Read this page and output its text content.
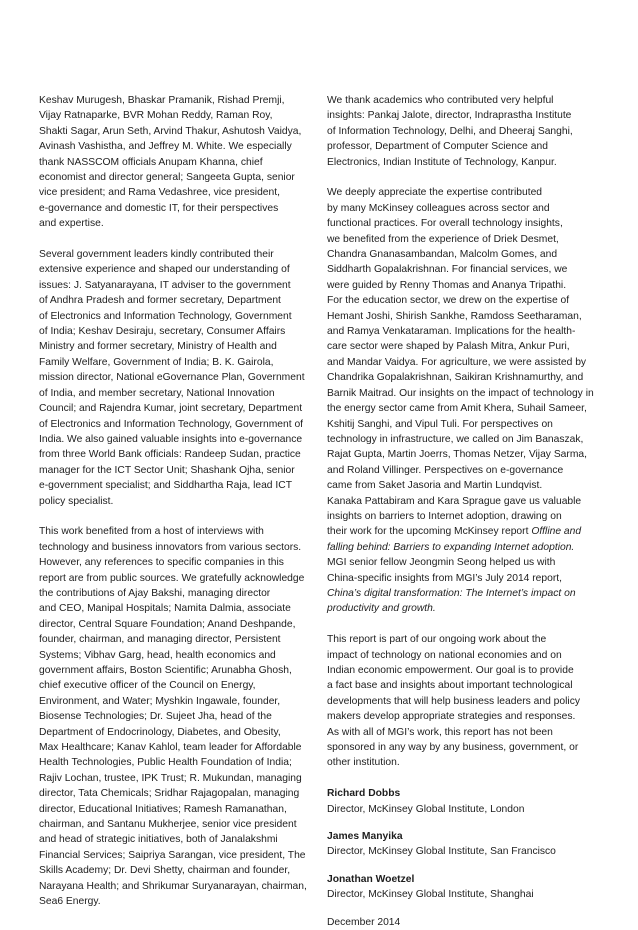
Keshav Murugesh, Bhaskar Pramanik, Rishad Premji,
Vijay Ratnaparke, BVR Mohan Reddy, Raman Roy,
Shakti Sagar, Arun Seth, Arvind Thakur, Ashutosh Vaidya,
Avinash Vashistha, and Jeffrey M. White. We especially
thank NASSCOM officials Anupam Khanna, chief
economist and director general; Sangeeta Gupta, senior
vice president; and Rama Vedashree, vice president,
e-governance and domestic IT, for their perspectives
and expertise.
Several government leaders kindly contributed their
extensive experience and shaped our understanding of
issues: J. Satyanarayana, IT adviser to the government
of Andhra Pradesh and former secretary, Department
of Electronics and Information Technology, Government
of India; Keshav Desiraju, secretary, Consumer Affairs
Ministry and former secretary, Ministry of Health and
Family Welfare, Government of India; B. K. Gairola,
mission director, National eGovernance Plan, Government
of India, and member secretary, National Innovation
Council; and Rajendra Kumar, joint secretary, Department
of Electronics and Information Technology, Government of
India. We also gained valuable insights into e-governance
from three World Bank officials: Randeep Sudan, practice
manager for the ICT Sector Unit; Shashank Ojha, senior
e-government specialist; and Siddhartha Raja, lead ICT
policy specialist.
This work benefited from a host of interviews with
technology and business innovators from various sectors.
However, any references to specific companies in this
report are from public sources. We gratefully acknowledge
the contributions of Ajay Bakshi, managing director
and CEO, Manipal Hospitals; Namita Dalmia, associate
director, Central Square Foundation; Anand Deshpande,
founder, chairman, and managing director, Persistent
Systems; Vibhav Garg, head, health economics and
government affairs, Boston Scientific; Arunabha Ghosh,
chief executive officer of the Council on Energy,
Environment, and Water; Myshkin Ingawale, founder,
Biosense Technologies; Dr. Sujeet Jha, head of the
Department of Endocrinology, Diabetes, and Obesity,
Max Healthcare; Kanav Kahlol, team leader for Affordable
Health Technologies, Public Health Foundation of India;
Rajiv Lochan, trustee, IPK Trust; R. Mukundan, managing
director, Tata Chemicals; Sridhar Rajagopalan, managing
director, Educational Initiatives; Ramesh Ramanathan,
chairman, and Santanu Mukherjee, senior vice president
and head of strategic initiatives, both of Janalakshmi
Financial Services; Saipriya Sarangan, vice president, The
Skills Academy; Dr. Devi Shetty, chairman and founder,
Narayana Health; and Shrikumar Suryanarayan, chairman,
Sea6 Energy.
We thank academics who contributed very helpful
insights: Pankaj Jalote, director, Indraprastha Institute
of Information Technology, Delhi, and Dheeraj Sanghi,
professor, Department of Computer Science and
Electronics, Indian Institute of Technology, Kanpur.
We deeply appreciate the expertise contributed
by many McKinsey colleagues across sector and
functional practices. For overall technology insights,
we benefited from the experience of Driek Desmet,
Chandra Gnanasambandan, Malcolm Gomes, and
Siddharth Gopalakrishnan. For financial services, we
were guided by Renny Thomas and Ananya Tripathi.
For the education sector, we drew on the expertise of
Hemant Joshi, Shirish Sankhe, Ramdoss Seetharaman,
and Ramya Venkataraman. Implications for the health-
care sector were shaped by Palash Mitra, Ankur Puri,
and Mandar Vaidya. For agriculture, we were assisted by
Chandrika Gopalakrishnan, Saikiran Krishnamurthy, and
Barnik Maitrad. Our insights on the impact of technology in
the energy sector came from Amit Khera, Suhail Sameer,
Kshitij Sanghi, and Vipul Tuli. For perspectives on
technology in infrastructure, we called on Jim Banaszak,
Rajat Gupta, Martin Joerrs, Thomas Netzer, Vijay Sarma,
and Roland Villinger. Perspectives on e-governance
came from Saket Jasoria and Martin Lundqvist.
Kanaka Pattabiram and Kara Sprague gave us valuable
insights on barriers to Internet adoption, drawing on
their work for the upcoming McKinsey report Offline and
falling behind: Barriers to expanding Internet adoption.
MGI senior fellow Jeongmin Seong helped us with
China-specific insights from MGI’s July 2014 report,
China’s digital transformation: The Internet’s impact on
productivity and growth.
This report is part of our ongoing work about the
impact of technology on national economies and on
Indian economic empowerment. Our goal is to provide
a fact base and insights about important technological
developments that will help business leaders and policy
makers develop appropriate strategies and responses.
As with all of MGI’s work, this report has not been
sponsored in any way by any business, government, or
other institution.
Richard Dobbs
Director, McKinsey Global Institute, London
James Manyika
Director, McKinsey Global Institute, San Francisco
Jonathan Woetzel
Director, McKinsey Global Institute, Shanghai
December 2014
